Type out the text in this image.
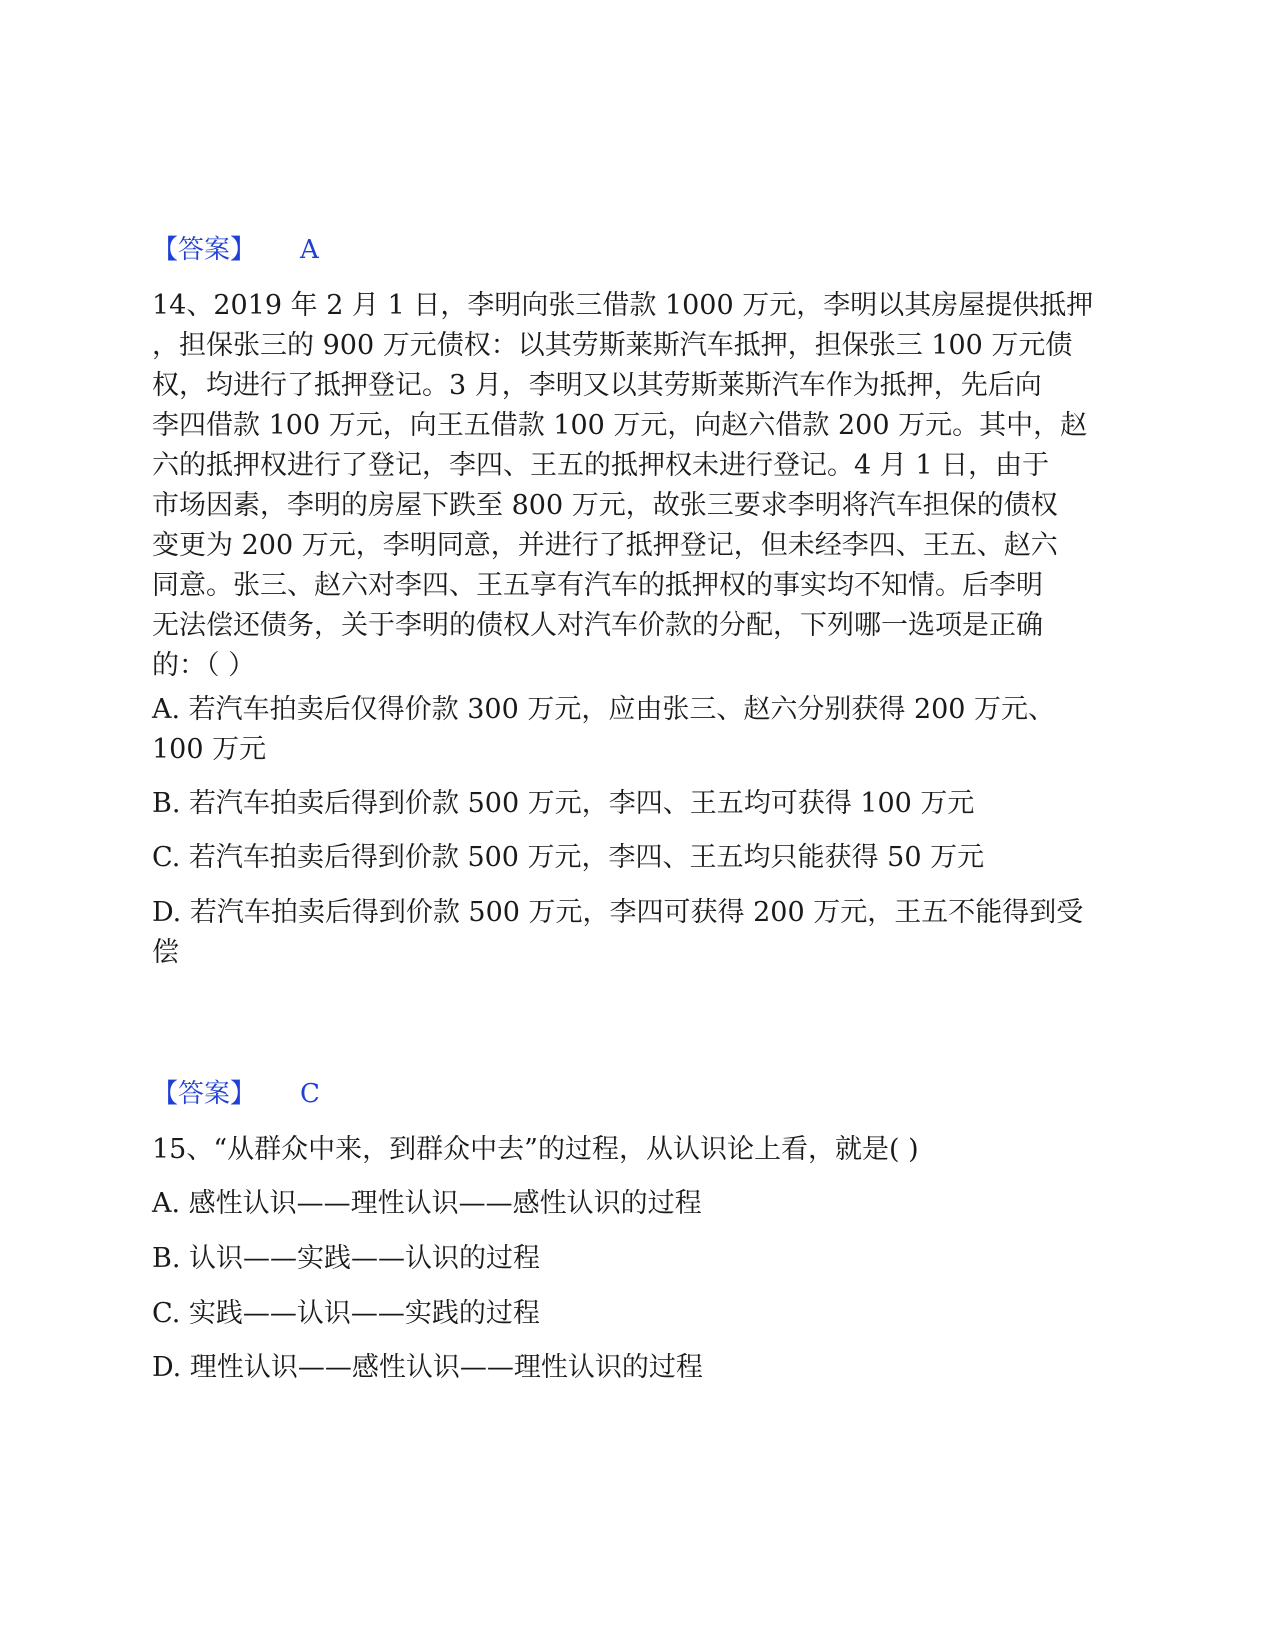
【答案】 A
14、2019 年 2 月 1 日，李明向张三借款 1000 万元，李明以其房屋提供抵押
，担保张三的 900 万元债权：以其劳斯莱斯汽车抵押，担保张三 100 万元债
权，均进行了抵押登记。3 月，李明又以其劳斯莱斯汽车作为抵押，先后向
李四借款 100 万元，向王五借款 100 万元，向赵六借款 200 万元。其中，赵
六的抵押权进行了登记，李四、王五的抵押权未进行登记。4 月 1 日，由于
市场因素，李明的房屋下跌至 800 万元，故张三要求李明将汽车担保的债权
变更为 200 万元，李明同意，并进行了抵押登记，但未经李四、王五、赵六
同意。张三、赵六对李四、王五享有汽车的抵押权的事实均不知情。后李明
无法偿还债务，关于李明的债权人对汽车价款的分配，下列哪一选项是正确
的：（ ）
A. 若汽车拍卖后仅得价款 300 万元，应由张三、赵六分别获得 200 万元、
100 万元
B. 若汽车拍卖后得到价款 500 万元，李四、王五均可获得 100 万元
C. 若汽车拍卖后得到价款 500 万元，李四、王五均只能获得 50 万元
D. 若汽车拍卖后得到价款 500 万元，李四可获得 200 万元，王五不能得到受
偿
【答案】 C
15、“从群众中来，到群众中去”的过程，从认识论上看，就是( )
A. 感性认识——理性认识——感性认识的过程
B. 认识——实践——认识的过程
C. 实践——认识——实践的过程
D. 理性认识——感性认识——理性认识的过程
